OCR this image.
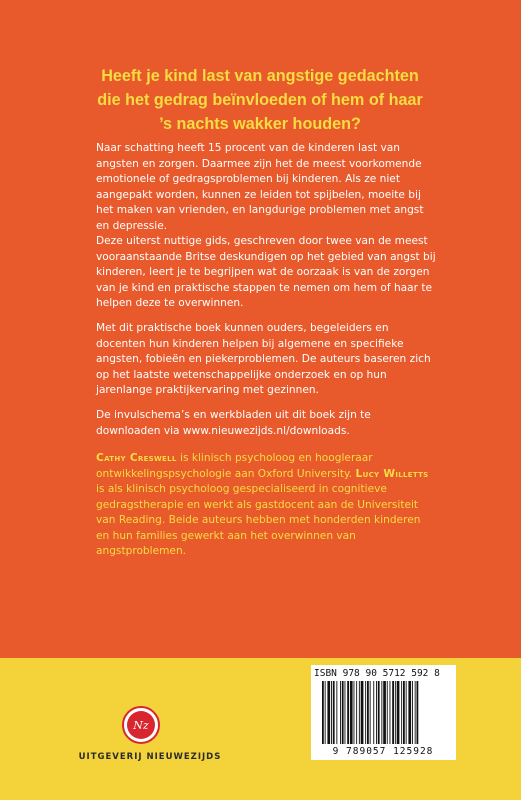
Heeft je kind last van angstige gedachten
die het gedrag beïnvloeden of hem of haar
’s nachts wakker houden?
Naar schatting heeft 15 procent van de kinderen last van angsten en zorgen. Daarmee zijn het de meest voorkomende emotionele of gedragsproblemen bij kinderen. Als ze niet aangepakt worden, kunnen ze leiden tot spijbelen, moeite bij het maken van vrienden, en langdurige problemen met angst en depressie.
Deze uiterst nuttige gids, geschreven door twee van de meest vooraanstaande Britse deskundigen op het gebied van angst bij kinderen, leert je te begrijpen wat de oorzaak is van de zorgen van je kind en praktische stappen te nemen om hem of haar te helpen deze te overwinnen.
Met dit praktische boek kunnen ouders, begeleiders en docenten hun kinderen helpen bij algemene en specifieke angsten, fobieën en piekerproblemen. De auteurs baseren zich op het laatste wetenschappelijke onderzoek en op hun jarenlange praktijkervaring met gezinnen.
De invulschema’s en werkbladen uit dit boek zijn te downloaden via www.nieuwezijds.nl/downloads.
Cathy Creswell is klinisch psycholoog en hoogleraar ontwikkelingspsychologie aan Oxford University. Lucy Willetts is als klinisch psycholoog gespecialiseerd in cognitieve gedragstherapie en werkt als gastdocent aan de Universiteit van Reading. Beide auteurs hebben met honderden kinderen en hun families gewerkt aan het overwinnen van angstproblemen.
Nz
UITGEVERIJ NIEUWEZIJDS
ISBN 978 90 5712 592 8
9 789057 125928
